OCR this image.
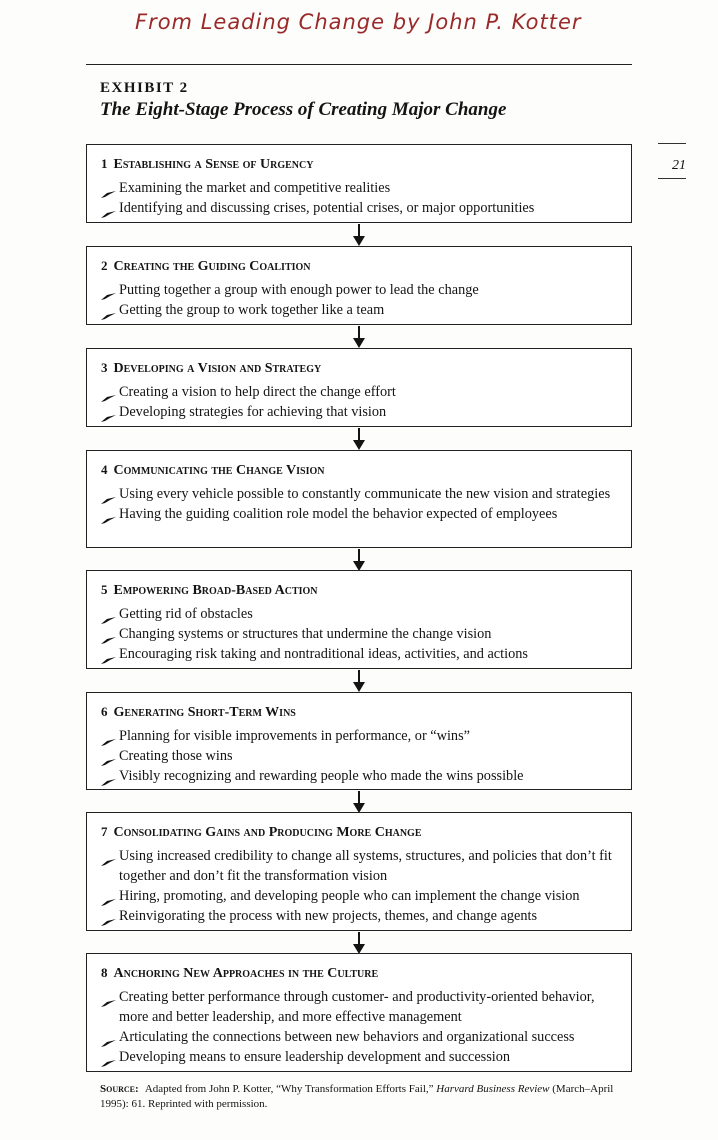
From Leading Change by John P. Kotter
EXHIBIT 2
The Eight-Stage Process of Creating Major Change
21
1 Establishing a Sense of Urgency
Examining the market and competitive realities
Identifying and discussing crises, potential crises, or major opportunities
2 Creating the Guiding Coalition
Putting together a group with enough power to lead the change
Getting the group to work together like a team
3 Developing a Vision and Strategy
Creating a vision to help direct the change effort
Developing strategies for achieving that vision
4 Communicating the Change Vision
Using every vehicle possible to constantly communicate the new vision and strategies
Having the guiding coalition role model the behavior expected of employees
5 Empowering Broad-Based Action
Getting rid of obstacles
Changing systems or structures that undermine the change vision
Encouraging risk taking and nontraditional ideas, activities, and actions
6 Generating Short-Term Wins
Planning for visible improvements in performance, or “wins”
Creating those wins
Visibly recognizing and rewarding people who made the wins possible
7 Consolidating Gains and Producing More Change
Using increased credibility to change all systems, structures, and policies that don’t fit together and don’t fit the transformation vision
Hiring, promoting, and developing people who can implement the change vision
Reinvigorating the process with new projects, themes, and change agents
8 Anchoring New Approaches in the Culture
Creating better performance through customer- and productivity-oriented behavior, more and better leadership, and more effective management
Articulating the connections between new behaviors and organizational success
Developing means to ensure leadership development and succession
Source: Adapted from John P. Kotter, “Why Transformation Efforts Fail,” Harvard Business Review (March–April 1995): 61. Reprinted with permission.
